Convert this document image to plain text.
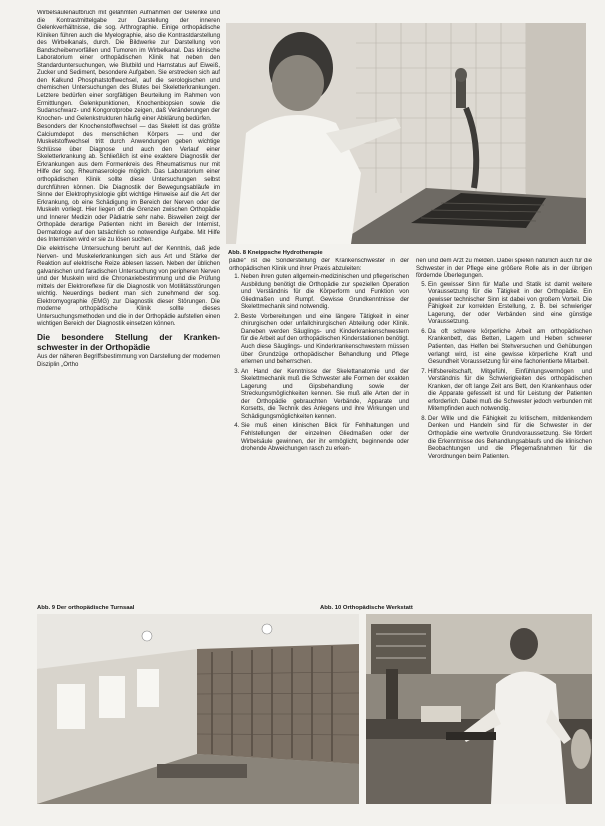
Wirbelsäulenaufbruch mit gelähmten Aufnahmen der Gelenke und die Kontrastmittelgabe zur Darstellung der inneren Gelenkverhältnisse, die sog. Arthrographie. Einige orthopädische Kliniken führen auch die Myelographie, also die Kontrastdarstellung des Wirbelkanals, durch. Die Bildwerke zur Darstellung von Bandscheibenvorfällen und Tumoren im Wirbelkanal. Das klinische Laboratorium einer orthopädischen Klinik hat neben den Standarduntersuchungen, wie Blutbild und Harnstatus auf Eiweiß, Zucker und Sediment, besondere Aufgaben. Sie erstrecken sich auf den Kalkund Phosphatstoffwechsel, auf die serologischen und chemischen Untersuchungen des Blutes bei Skeletterkrankungen. Letztere bedürfen einer sorgfältigen Beurteilung im Rahmen von Ermittlungen. Gelenkpunktionen, Knochenbiopsien sowie die Sudanschwarz- und Kongorotprobe zeigen, daß Veränderungen der Knochen- und Gelenkstrukturen häufig einer Abklärung bedürfen.

Besonders der Knochenstoffwechsel — das Skelett ist das größte Calciumdepot des menschlichen Körpers — und der Muskelstoffwechsel tritt durch Anwendungen geben wichtige Schlüsse über Diagnose und auch den Verlauf einer Skeletterkrankung ab. Schließlich ist eine exaktere Diagnostik der Erkrankungen aus dem Formenkreis des Rheumatismus nur mit Hilfe der sog. Rheumaserologie möglich. Das Laboratorium einer orthopädischen Klinik sollte diese Untersuchungen selbst durchführen können. Die Diagnostik der Bewegungsabläufe im Sinne der Elektrophysiologie gibt wichtige Hinweise auf die Art der Erkrankung, ob eine Schädigung im Bereich der Nerven oder der Muskeln vorliegt. Hier liegen oft die Grenzen zwischen Orthopädie und Innerer Medizin oder Pädiatrie sehr nahe. Bisweilen zeigt der Orthopäde derartige Patienten nicht im Bereich der Internist, Dermatologe auf den tatsächlich so notwendige Aufgabe. Mit Hilfe des Internisten wird er sie zu lösen suchen.

Die elektrische Untersuchung beruht auf der Kenntnis, daß jede Nerven- und Muskelerkrankungen sich aus Art und Stärke der Reaktion auf elektrische Reize ablesen lassen. Neben der üblichen galvanischen und faradischen Untersuchung von peripheren Nerven und der Muskeln wird die Chronaxiebestimmung und die Prüfung mittels der Elektroreflexe für die Diagnostik von Motilitätsstörungen wichtig. Neuerdings bedient man sich zunehmend der sog. Elektromyographie (EMG) zur Diagnostik dieser Störungen. Die moderne orthopädische Klinik sollte dieses Untersuchungsmethoden und die in der Orthopädie aufstellen einen wichtigen Bereich der Diagnostik einsetzen können.

Die besondere Stellung der Kranken-schwester in der Orthopädie

Aus der näheren Begriffsbestimmung von Darstellung der modernen Disziplin „Ortho

Abb. 8 Kneippsche Hydrotherapie

pädie“ ist die Sonderstellung der Krankenschwester in der orthopädischen Klinik und ihrer Praxis abzuleiten:

1. Neben ihren guten allgemein-medizinischen und pflegerischen Ausbildung benötigt die Orthopädie zur speziellen Operation und Verständnis für die Körperform und Funktion von Gliedmaßen und Rumpf. Gewisse Grundkenntnisse der Skelettmechanik sind notwendig.
2. Beste Vorbereitungen und eine längere Tätigkeit in einer chirurgischen oder unfallchirurgischen Abteilung oder Klinik. Daneben werden Säuglings- und Kinderkrankenschwestern für die Arbeit auf den orthopädischen Kinderstationen benötigt. Auch diese Säuglings- und Kinderkrankenschwestern müssen über Grundzüge orthopädischer Behandlung und Pflege erlernen und beherrschen.
3. An Hand der Kenntnisse der Skelettanatomie und der Skelettmechanik muß die Schwester alle Formen der exakten Lagerung und Gipsbehandlung sowie der Streckungsmöglichkeiten kennen. Sie muß alle Arten der in der Orthopädie gebrauchten Verbände, Apparate und Korsetts, die Technik des Anlegens und ihre Wirkungen und Schädigungsmöglichkeiten kennen.
4. Sie muß einen klinischen Blick für Fehlhaltungen und Fehlstellungen der einzelnen Gliedmaßen oder der Wirbelsäule gewinnen, der ihr ermöglicht, beginnende oder drohende Abweichungen rasch zu erken-

nen und dem Arzt zu melden. Dabei spielen natürlich auch für die Schwester in der Pflege eine größere Rolle als in der übrigen fördernde Überlegungen.

5. Ein gewisser Sinn für Maße und Statik ist damit weitere Voraussetzung für die Tätigkeit in der Orthopädie. Ein gewisser technischer Sinn ist dabei von großem Vorteil. Die Fähigkeit zur korrekten Erstellung, z. B. bei schwieriger Lagerung, der oder Verbänden sind eine günstige Voraussetzung.
6. Da oft schwere körperliche Arbeit am orthopädischen Krankenbett, das Betten, Lagern und Heben schwerer Patienten, das Helfen bei Stehversuchen und Gehübungen verlangt wird, ist eine gewisse körperliche Kraft und Gesundheit Voraussetzung für eine fachorientierte Mitarbeit.
7. Hilfsbereitschaft, Mitgefühl, Einfühlungsvermögen und Verständnis für die Schwierigkeiten des orthopädischen Kranken, der oft lange Zeit ans Bett, den Krankenhaus oder die Apparate gefesselt ist und für Leistung der Patienten erforderlich. Dabei muß die Schwester jedoch verbunden mit Mitempfinden auch notwendig.
8. Der Wille und die Fähigkeit zu kritischem, mitdenkendem Denken und Handeln sind für die Schwester in der Orthopädie eine wertvolle Grundvoraussetzung. Sie fördert die Erkenntnisse des Behandlungsablaufs und die klinischen Beobachtungen und die Pflegemaßnahmen für die Verordnungen beim Patienten.
Abb. 9 Der orthopädische Turnsaal	Abb. 10 Orthopädische Werkstatt
